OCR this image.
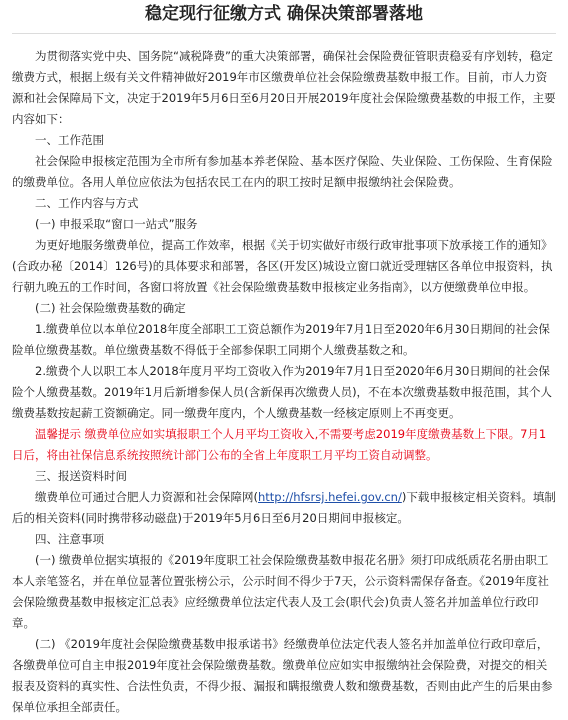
稳定现行征缴方式 确保决策部署落地

为贯彻落实党中央、国务院“减税降费”的重大决策部署，确保社会保险费征管职责稳妥有序划转，稳定缴费方式，根据上级有关文件精神做好2019年市区缴费单位社会保险缴费基数申报工作。目前，市人力资源和社会保障局下文，决定于2019年5月6日至6月20日开展2019年度社会保险缴费基数的申报工作，主要内容如下：

一、工作范围

社会保险申报核定范围为全市所有参加基本养老保险、基本医疗保险、失业保险、工伤保险、生育保险的缴费单位。各用人单位应依法为包括农民工在内的职工按时足额申报缴纳社会保险费。

二、工作内容与方式

(一) 申报采取“窗口一站式”服务

为更好地服务缴费单位，提高工作效率，根据《关于切实做好市级行政审批事项下放承接工作的通知》(合政办秘〔2014〕126号)的具体要求和部署，各区(开发区)城设立窗口就近受理辖区各单位申报资料，执行朝九晚五的工作时间，各窗口将放置《社会保险缴费基数申报核定业务指南》，以方便缴费单位申报。

(二) 社会保险缴费基数的确定

1.缴费单位以本单位2018年度全部职工工资总额作为2019年7月1日至2020年6月30日期间的社会保险单位缴费基数。单位缴费基数不得低于全部参保职工同期个人缴费基数之和。

2.缴费个人以职工本人2018年度月平均工资收入作为2019年7月1日至2020年6月30日期间的社会保险个人缴费基数。2019年1月后新增参保人员(含新保再次缴费人员)，不在本次缴费基数申报范围，其个人缴费基数按起薪工资额确定。同一缴费年度内，个人缴费基数一经核定原则上不再变更。

温馨提示 缴费单位应如实填报职工个人月平均工资收入,不需要考虑2019年度缴费基数上下限。7月1日后，将由社保信息系统按照统计部门公布的全省上年度职工月平均工资自动调整。

三、报送资料时间

缴费单位可通过合肥人力资源和社会保障网(http://hfsrsj.hefei.gov.cn/)下载申报核定相关资料。填制后的相关资料(同时携带移动磁盘)于2019年5月6日至6月20日期间申报核定。

四、注意事项

(一) 缴费单位据实填报的《2019年度职工社会保险缴费基数申报花名册》须打印成纸质花名册由职工本人亲笔签名，并在单位显著位置张榜公示，公示时间不得少于7天，公示资料需保存备查。《2019年度社会保险缴费基数申报核定汇总表》应经缴费单位法定代表人及工会(职代会)负责人签名并加盖单位行政印章。

(二) 《2019年度社会保险缴费基数申报承诺书》经缴费单位法定代表人签名并加盖单位行政印章后，各缴费单位可自主申报2019年度社会保险缴费基数。缴费单位应如实申报缴纳社会保险费，对提交的相关报表及资料的真实性、合法性负责，不得少报、漏报和瞒报缴费人数和缴费基数，否则由此产生的后果由参保单位承担全部责任。
